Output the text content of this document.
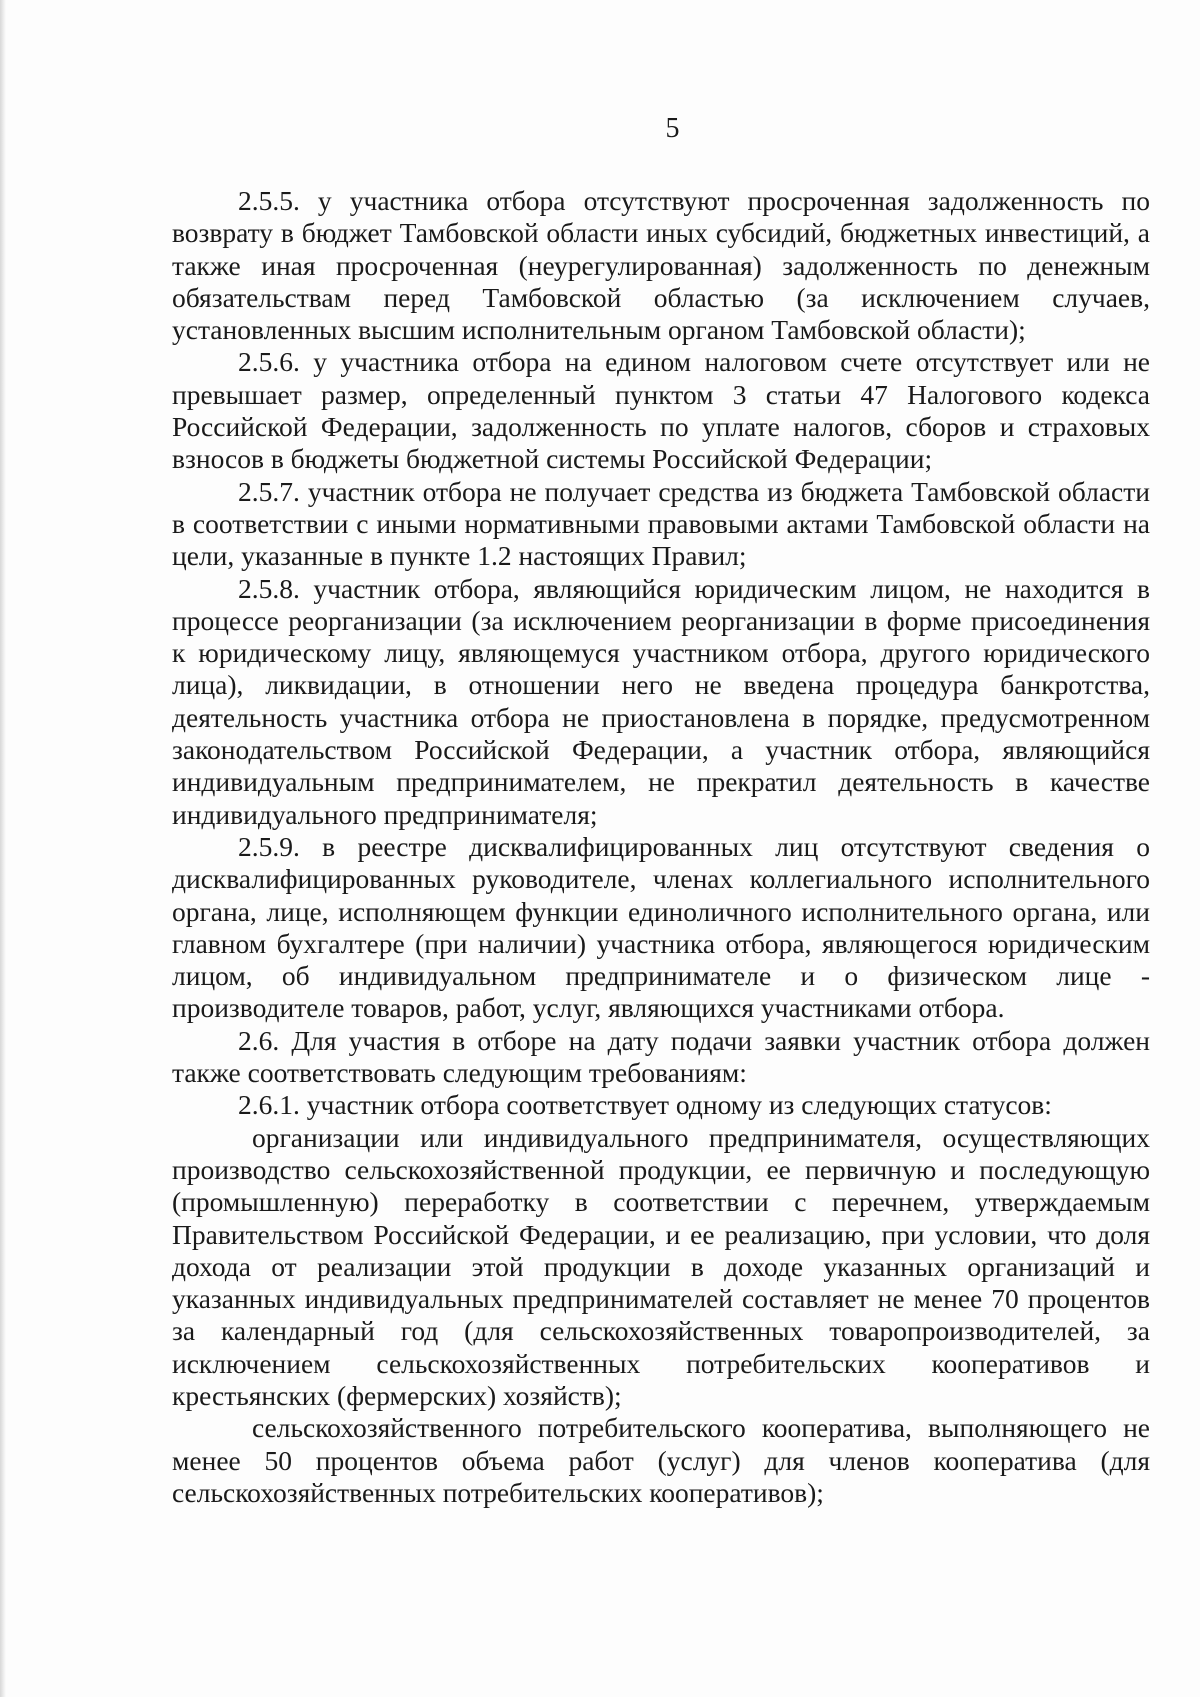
5

2.5.5. у участника отбора отсутствуют просроченная задолженность по возврату в бюджет Тамбовской области иных субсидий, бюджетных инвестиций, а также иная просроченная (неурегулированная) задолженность по денежным обязательствам перед Тамбовской областью (за исключением случаев, установленных высшим исполнительным органом Тамбовской области);

2.5.6. у участника отбора на едином налоговом счете отсутствует или не превышает размер, определенный пунктом 3 статьи 47 Налогового кодекса Российской Федерации, задолженность по уплате налогов, сборов и страховых взносов в бюджеты бюджетной системы Российской Федерации;

2.5.7. участник отбора не получает средства из бюджета Тамбовской области в соответствии с иными нормативными правовыми актами Тамбовской области на цели, указанные в пункте 1.2 настоящих Правил;

2.5.8. участник отбора, являющийся юридическим лицом, не находится в процессе реорганизации (за исключением реорганизации в форме присоединения к юридическому лицу, являющемуся участником отбора, другого юридического лица), ликвидации, в отношении него не введена процедура банкротства, деятельность участника отбора не приостановлена в порядке, предусмотренном законодательством Российской Федерации, а участник отбора, являющийся индивидуальным предпринимателем, не прекратил деятельность в качестве индивидуального предпринимателя;

2.5.9. в реестре дисквалифицированных лиц отсутствуют сведения о дисквалифицированных руководителе, членах коллегиального исполнительного органа, лице, исполняющем функции единоличного исполнительного органа, или главном бухгалтере (при наличии) участника отбора, являющегося юридическим лицом, об индивидуальном предпринимателе и о физическом лице - производителе товаров, работ, услуг, являющихся участниками отбора.

2.6. Для участия в отборе на дату подачи заявки участник отбора должен также соответствовать следующим требованиям:

2.6.1. участник отбора соответствует одному из следующих статусов:

организации или индивидуального предпринимателя, осуществляющих производство сельскохозяйственной продукции, ее первичную и последующую (промышленную) переработку в соответствии с перечнем, утверждаемым Правительством Российской Федерации, и ее реализацию, при условии, что доля дохода от реализации этой продукции в доходе указанных организаций и указанных индивидуальных предпринимателей составляет не менее 70 процентов за календарный год (для сельскохозяйственных товаропроизводителей, за исключением сельскохозяйственных потребительских кооперативов и крестьянских (фермерских) хозяйств);

сельскохозяйственного потребительского кооператива, выполняющего не менее 50 процентов объема работ (услуг) для членов кооператива (для сельскохозяйственных потребительских кооперативов);
